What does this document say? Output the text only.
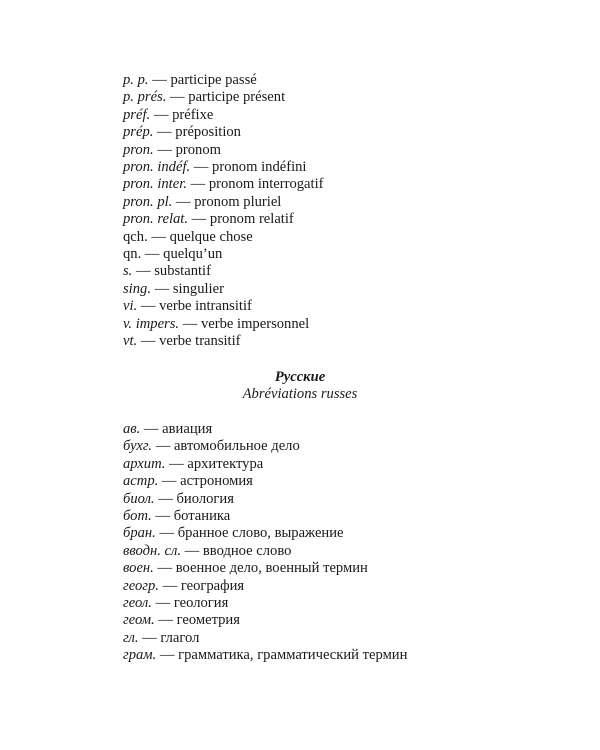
p. p. — participe passé
p. prés. — participe présent
préf. — préfixe
prép. — préposition
pron. — pronom
pron. indéf. — pronom indéfini
pron. inter. — pronom interrogatif
pron. pl. — pronom pluriel
pron. relat. — pronom relatif
qch. — quelque chose
qn. — quelqu’un
s. — substantif
sing. — singulier
vi. — verbe intransitif
v. impers. — verbe impersonnel
vt. — verbe transitif
Русские
Abréviations russes
ав. — авиация
бухг. — автомобильное дело
архит. — архитектура
астр. — астрономия
биол. — биология
бот. — ботаника
бран. — бранное слово, выражение
вводн. сл. — вводное слово
воен. — военное дело, военный термин
геогр. — география
геол. — геология
геом. — геометрия
гл. — глагол
грам. — грамматика, грамматический термин
